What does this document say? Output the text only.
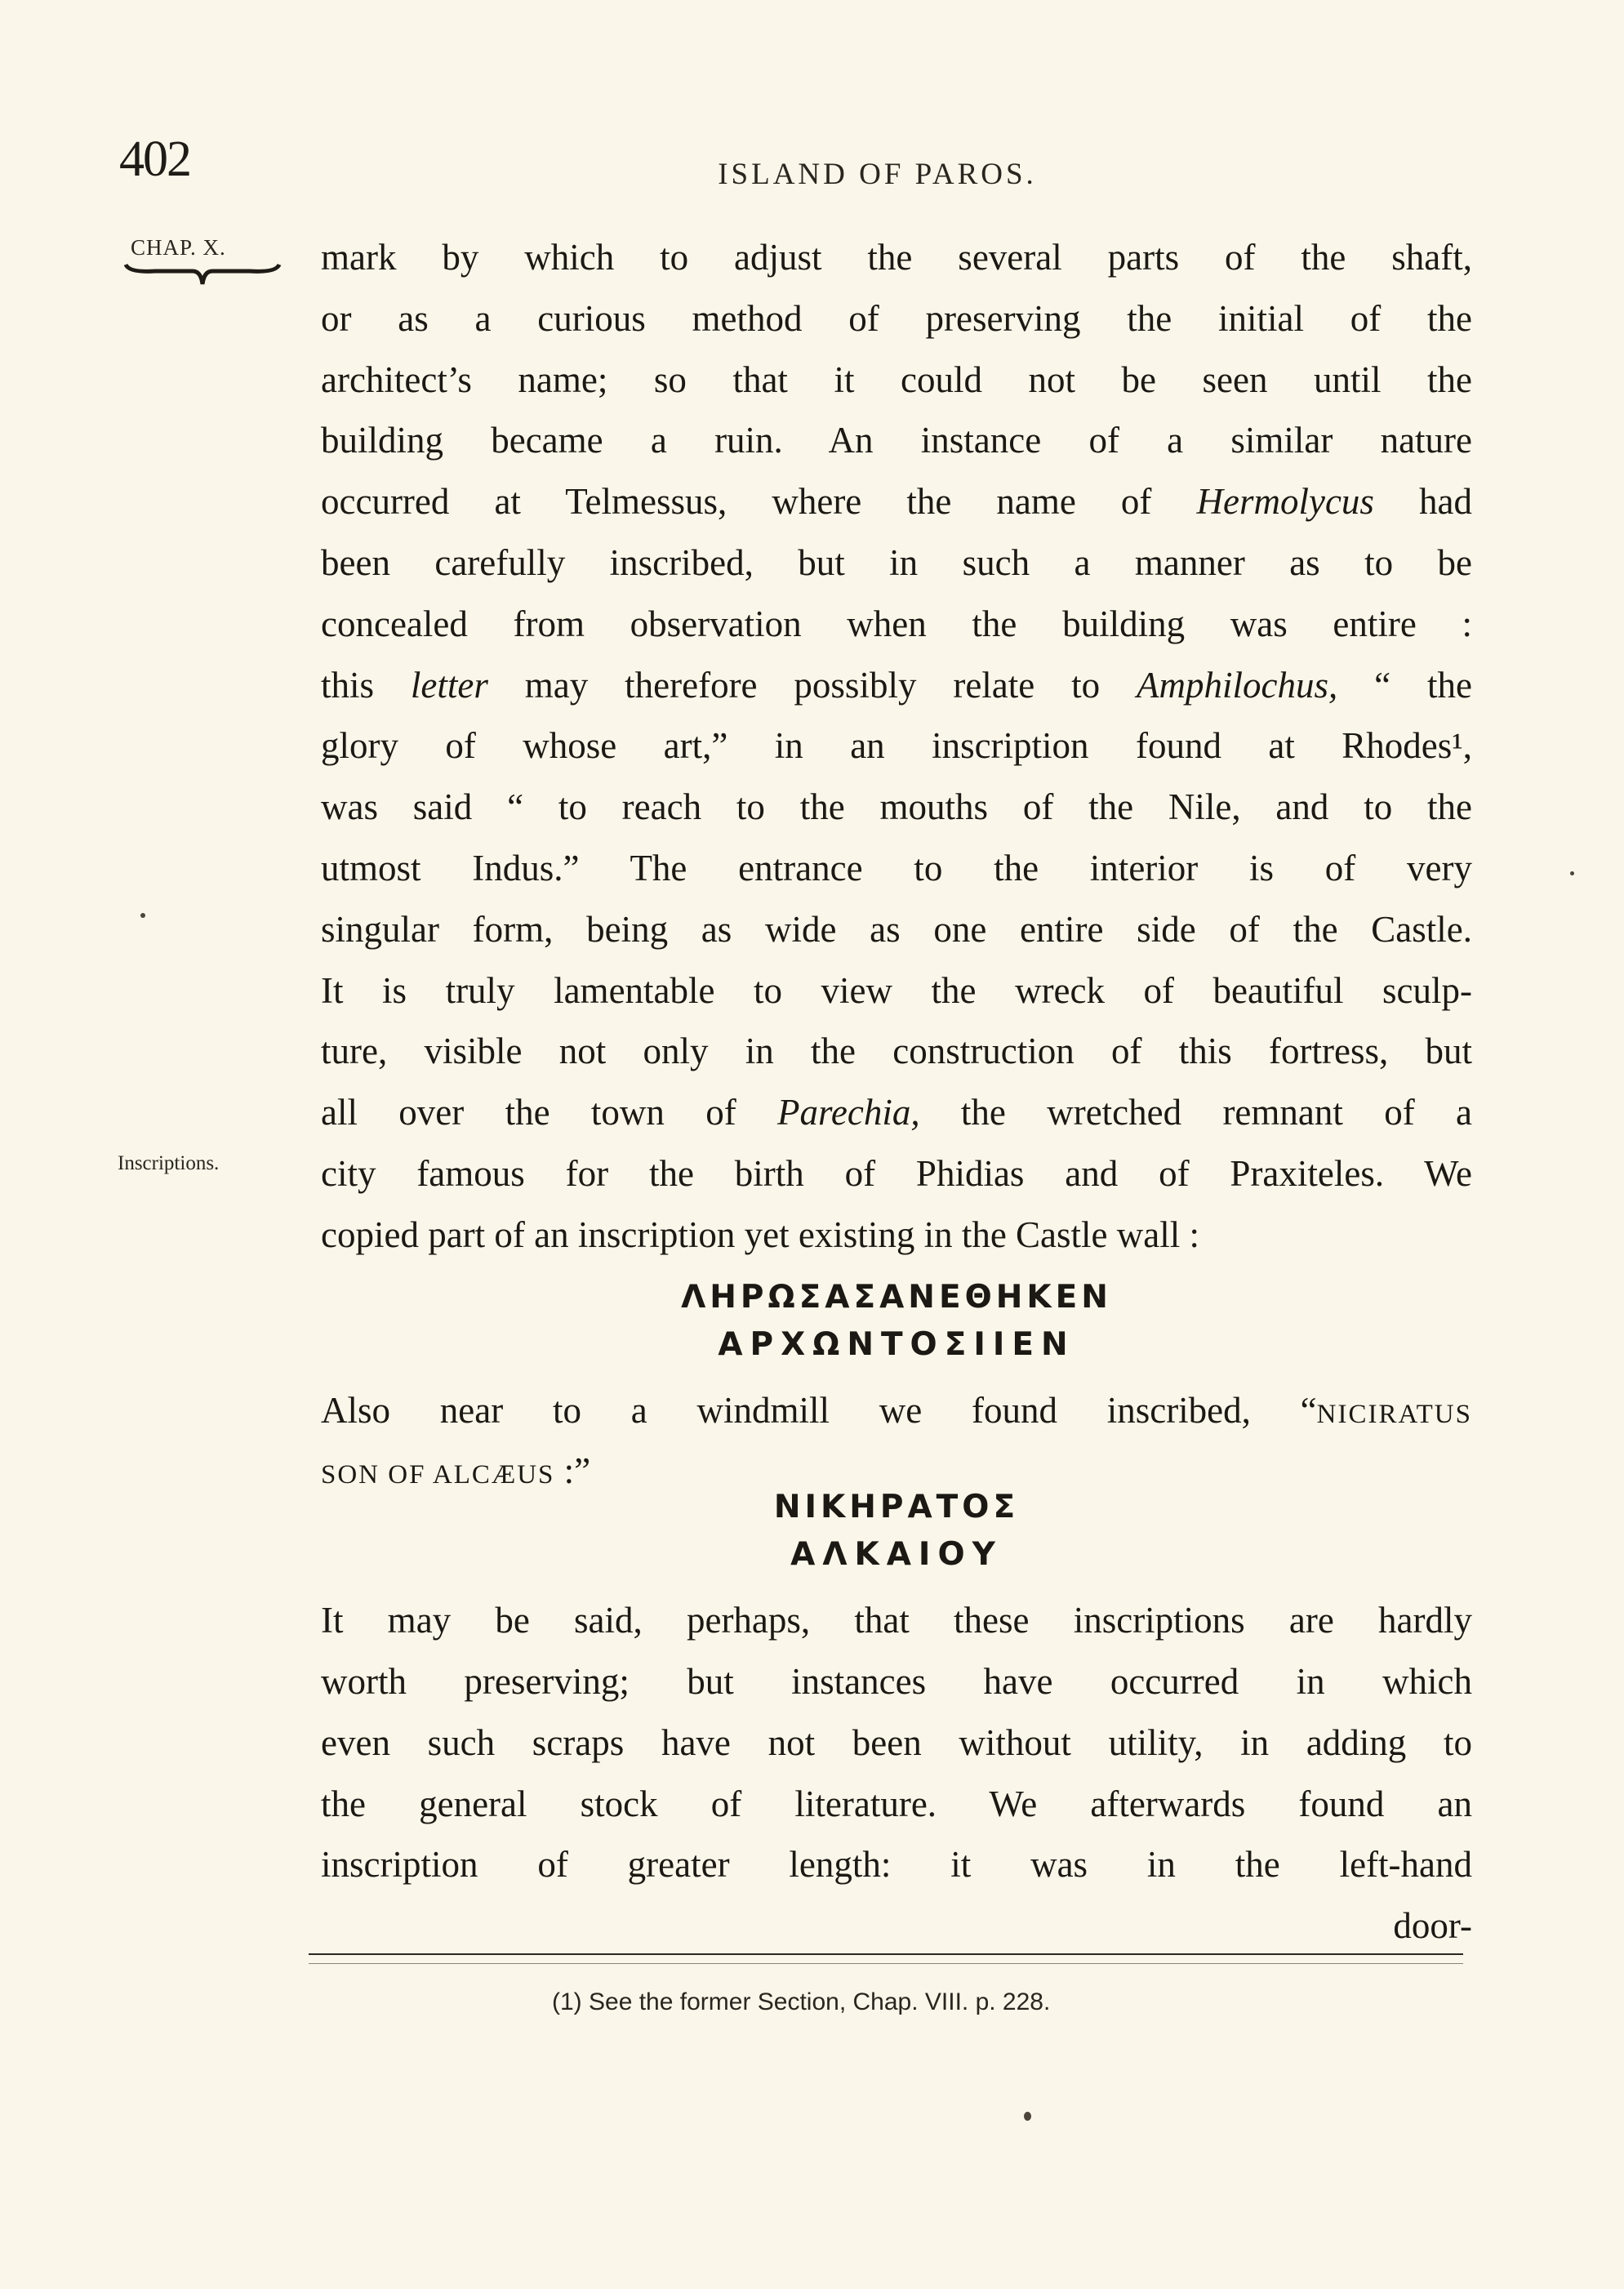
402	ISLAND OF PAROS.
CHAP. X.
Inscriptions.
mark by which to adjust the several parts of the shaft,
or as a curious method of preserving the initial of the
architect’s name; so that it could not be seen until the
building became a ruin. An instance of a similar nature
occurred at Telmessus, where the name of Hermolycus had
been carefully inscribed, but in such a manner as to be
concealed from observation when the building was entire :
this letter may therefore possibly relate to Amphilochus, “ the
glory of whose art,” in an inscription found at Rhodes¹,
was said “ to reach to the mouths of the Nile, and to the
utmost Indus.” The entrance to the interior is of very
singular form, being as wide as one entire side of the Castle.
It is truly lamentable to view the wreck of beautiful sculp-
ture, visible not only in the construction of this fortress, but
all over the town of Parechia, the wretched remnant of a
city famous for the birth of Phidias and of Praxiteles. We
copied part of an inscription yet existing in the Castle wall :
ΛΗΡΩΣΑΣΑΝΕΘΗΚΕΝ
ΑΡΧΩΝΤΟΣΙΙΕΝ
Also near to a windmill we found inscribed, “NICIRATUS
SON OF ALCÆUS :”
ΝΙΚΗΡΑΤΟΣ
ΑΛΚΑΙΟΥ
It may be said, perhaps, that these inscriptions are hardly
worth preserving; but instances have occurred in which
even such scraps have not been without utility, in adding to
the general stock of literature. We afterwards found an
inscription of greater length: it was in the left-hand
door-
(1) See the former Section, Chap. VIII. p. 228.
